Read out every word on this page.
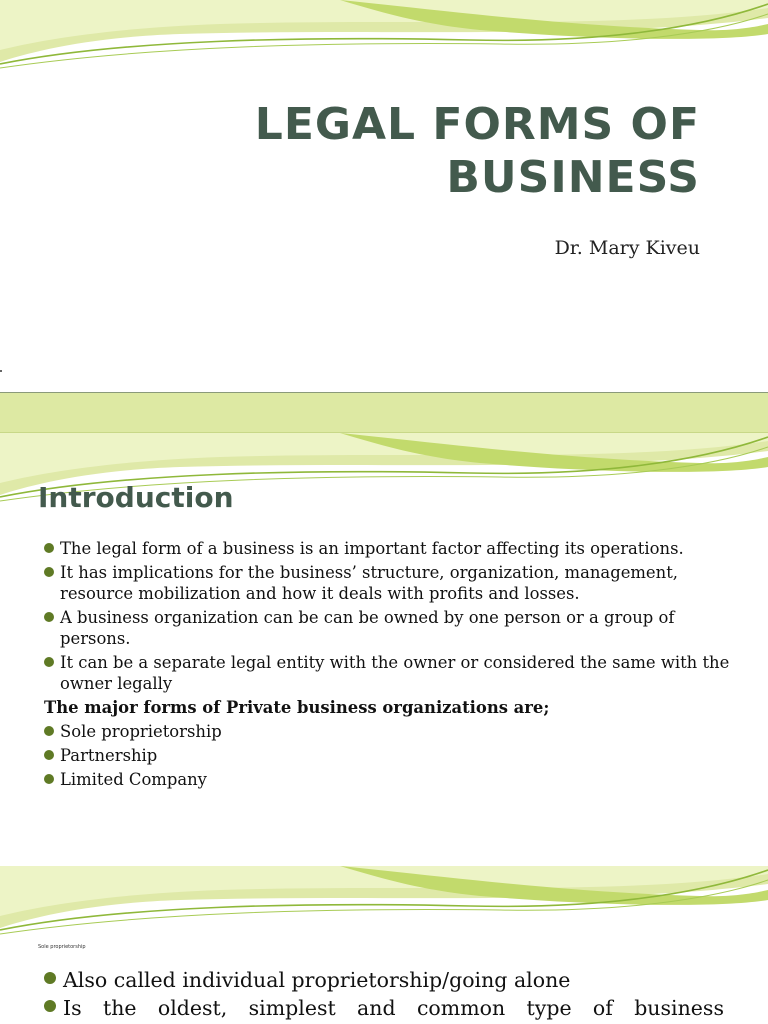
LEGAL FORMS OF
BUSINESS
Dr. Mary Kiveu
Introduction
The legal form of a business is an important factor affecting its operations.
It has implications for the business’ structure, organization, management, resource mobilization and how it deals with profits and losses.
A business organization can be can be owned by one person or a group of persons.
It can be a separate legal entity with the owner or considered the same with the owner legally
The major forms of Private business organizations are;
Sole proprietorship
Partnership
Limited Company
Sole proprietorship
Also called individual proprietorship/going alone
Is the oldest, simplest and common type of business
